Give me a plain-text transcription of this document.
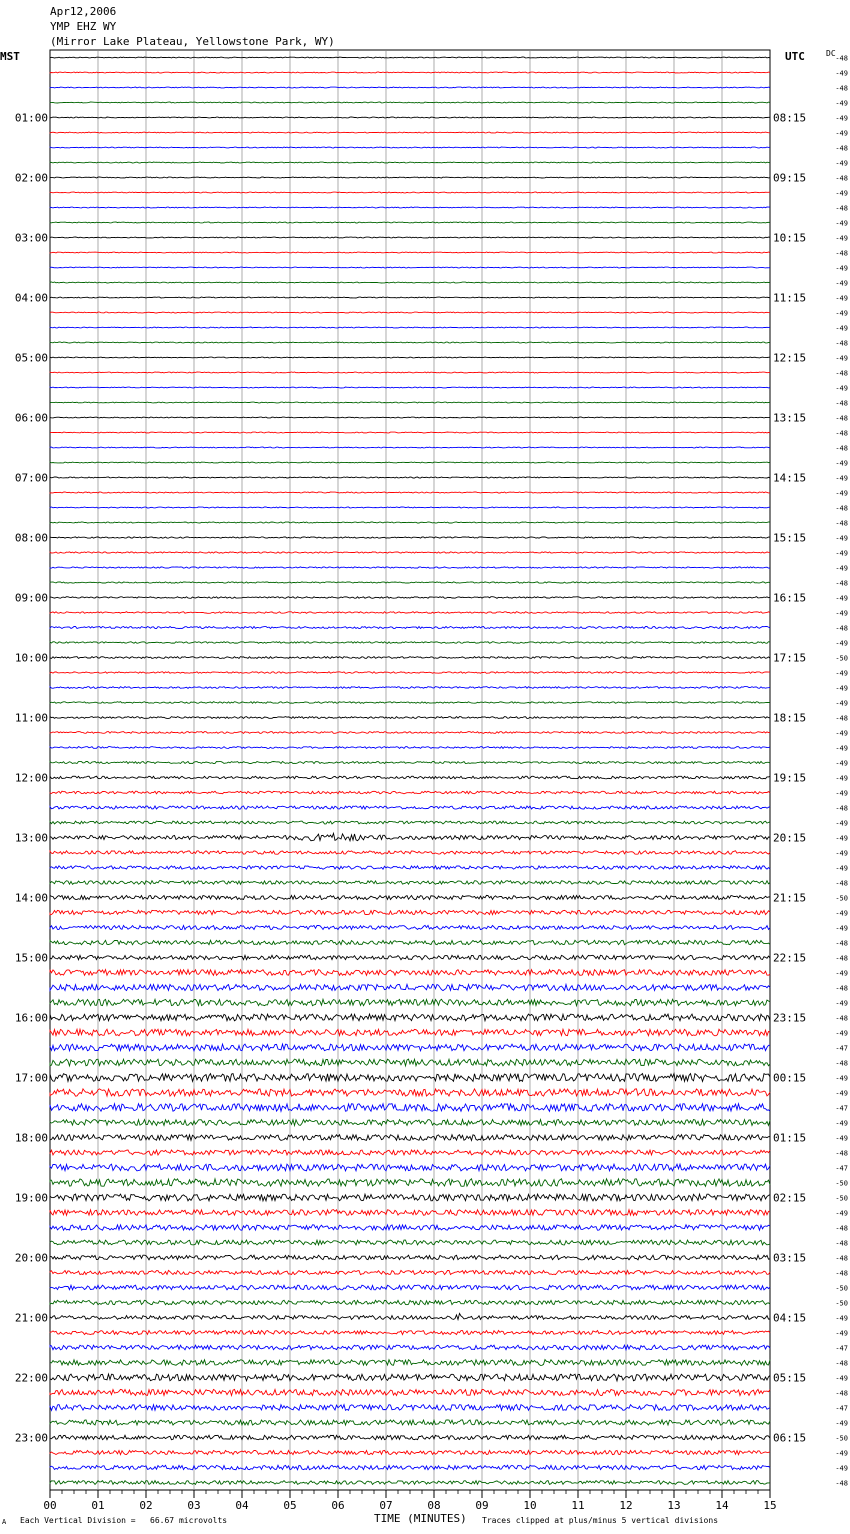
Apr12,2006
YMP EHZ WY
(Mirror Lake Plateau, Yellowstone Park, WY)
MST	UTC	DC
-48
-49
-48
-49
-49
-49
-48
-49
-48
-49
-48
-49
-49
-48
-49
-49
-49
-49
-49
-48
-49
-48
-49
-48
-48
-48
-48
-49
-49
-49
-48
-48
-49
-49
-49
-48
-49
-49
-48
-49
-50
-49
-49
-49
-48
-49
-49
-49
-49
-49
-48
-49
-49
-49
-49
-48
-50
-49
-49
-48
-48
-49
-48
-49
-48
-49
-47
-48
-49
-49
-47
-49
-49
-48
-47
-50
-50
-49
-48
-48
-48
-48
-50
-50
-49
-49
-47
-48
-49
-48
-47
-49
-50
-49
-49
-48
01:00
02:00
03:00
04:00
05:00
06:00
07:00
08:00
09:00
10:00
11:00
12:00
13:00
14:00
15:00
16:00
17:00
18:00
19:00
20:00
21:00
22:00
23:00
08:15
09:15
10:15
11:15
12:15
13:15
14:15
15:15
16:15
17:15
18:15
19:15
20:15
21:15
22:15
23:15
00:15
01:15
02:15
03:15
04:15
05:15
06:15
00	01	02	03	04	05	06	07	08	09	10	11	12	13	14	15
A Each Vertical Division =   66.67 microvolts	TIME (MINUTES) Traces clipped at plus/minus 5 vertical divisions
